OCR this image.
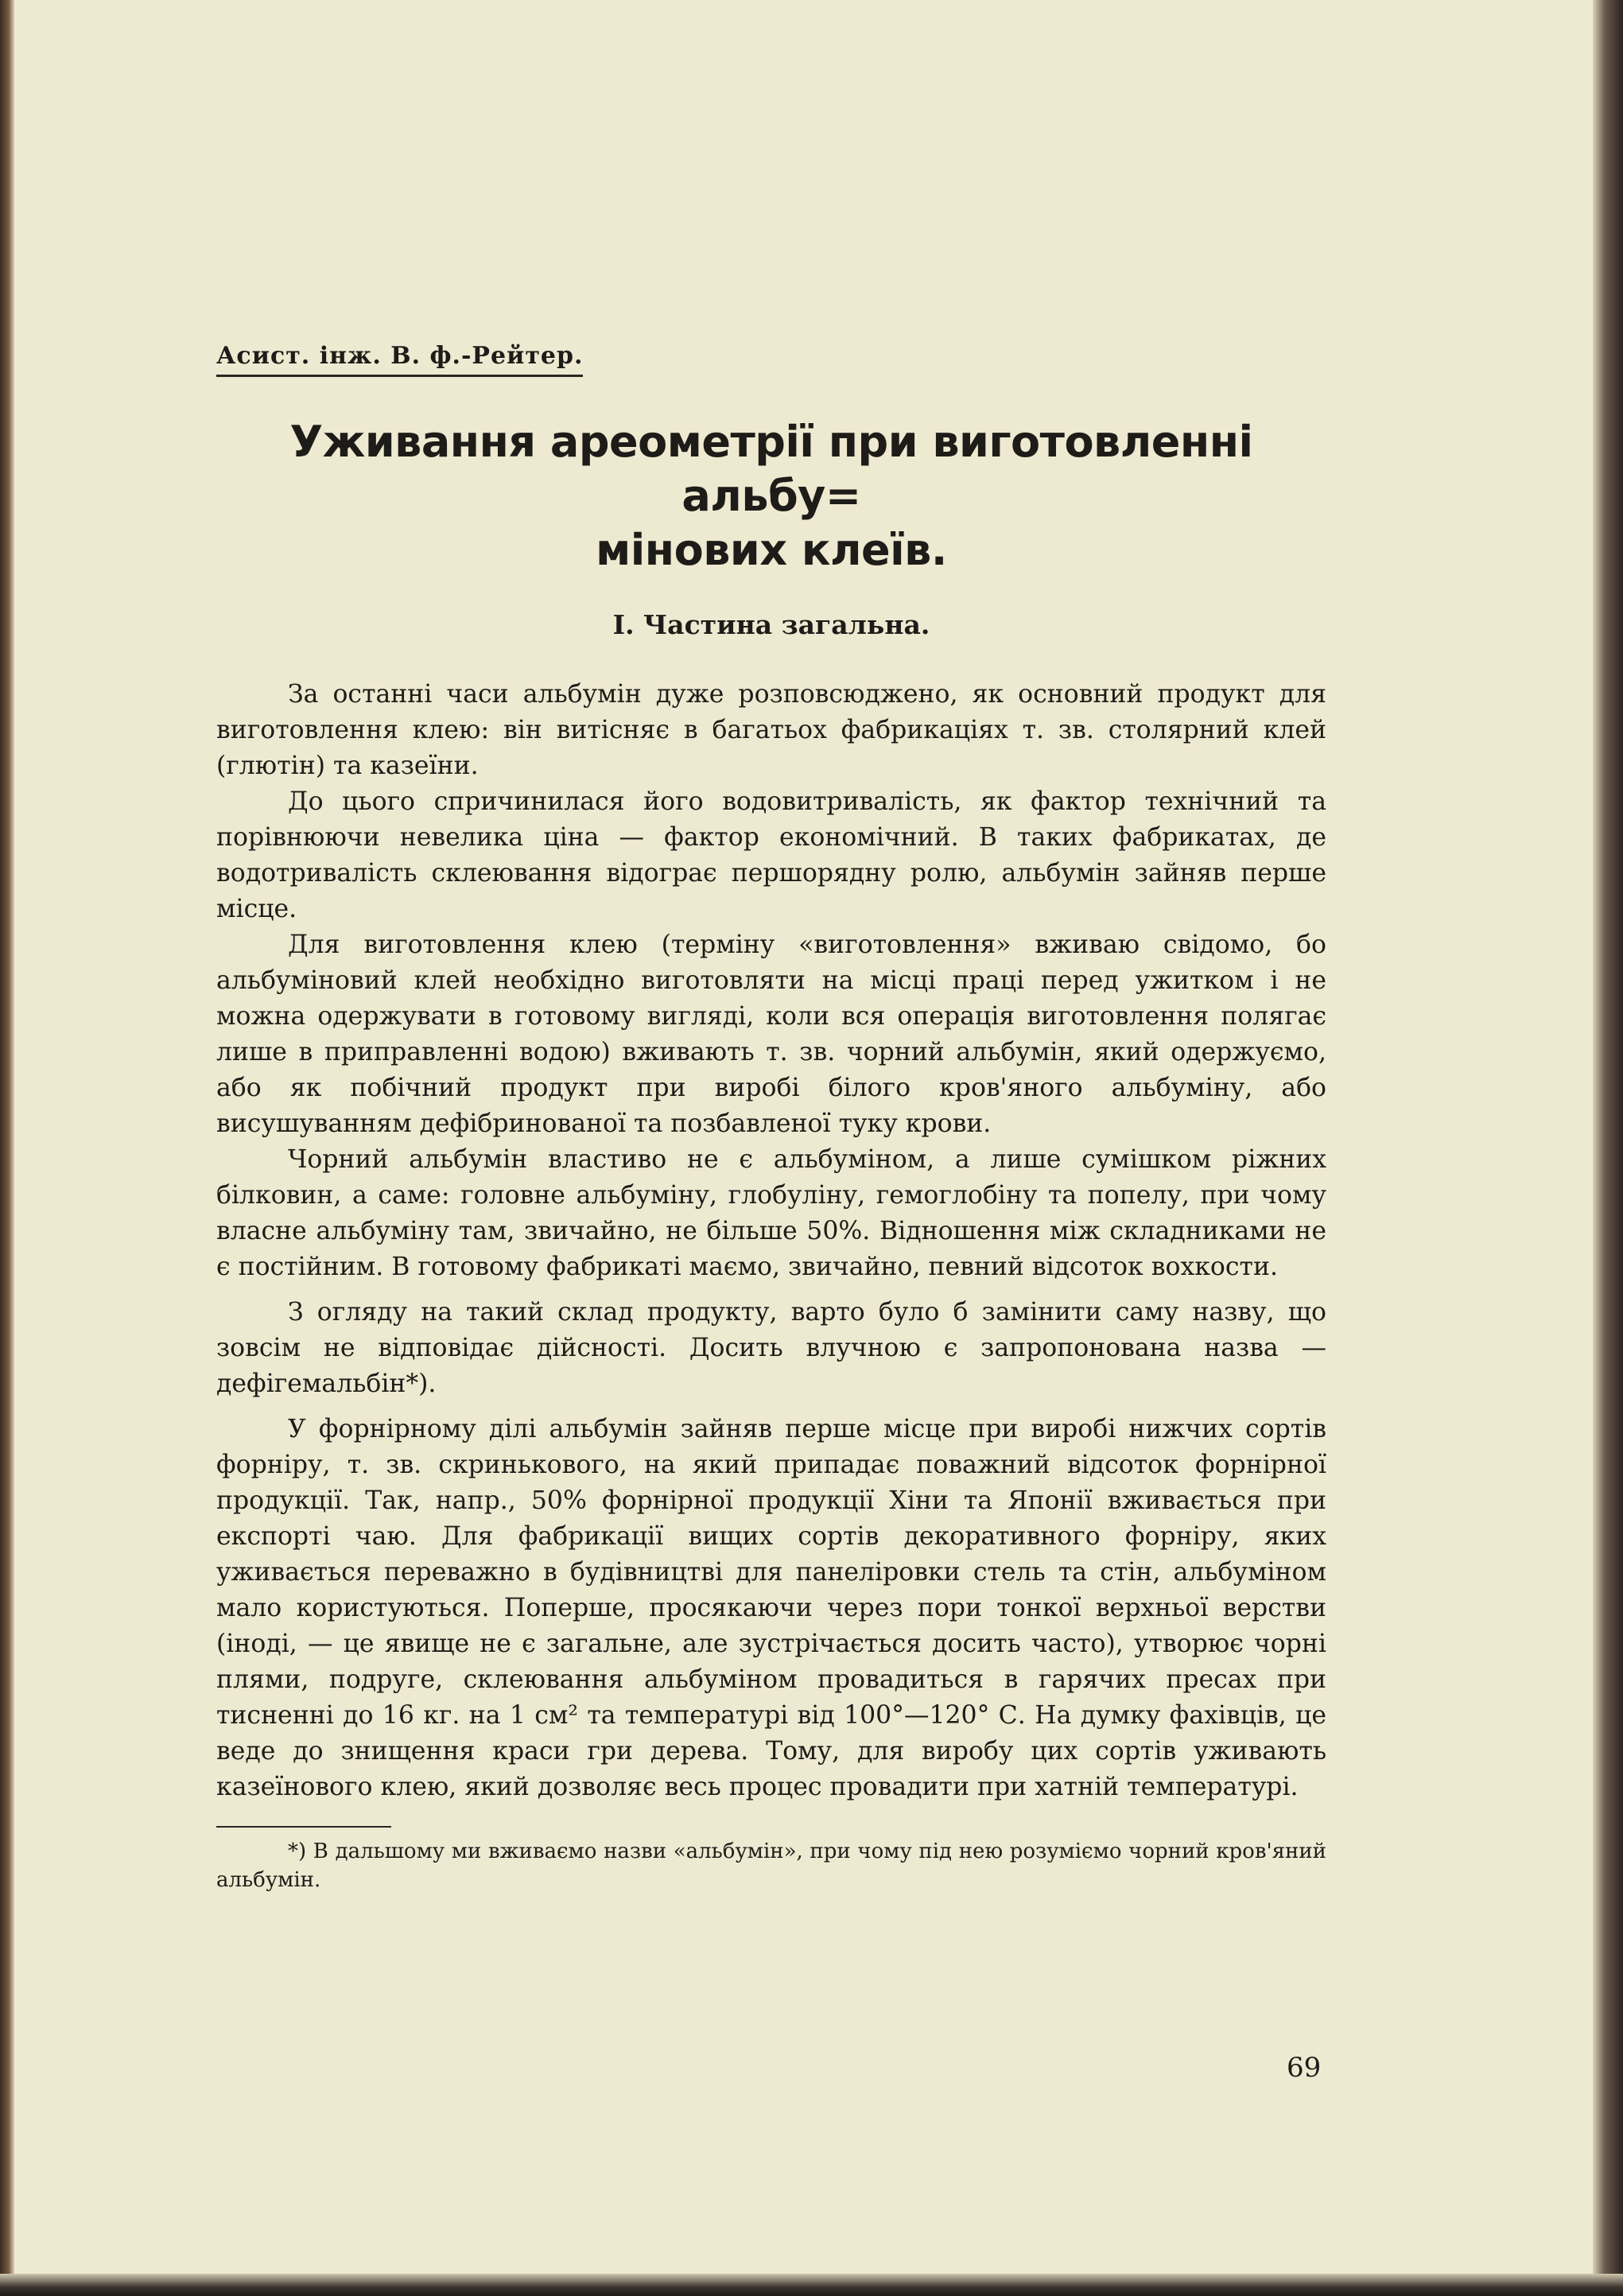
Асист. інж. В. ф.-Рейтер.
Уживання ареометрії при виготовленні альбу=
мінових клеїв.
I. Частина загальна.

За останні часи альбумін дуже розповсюджено, як основний продукт для виготовлення клею: він витісняє в багатьох фабрикаціях т. зв. столярний клей (глютін) та казеїни.

До цього спричинилася його водовитривалість, як фактор технічний та порівнюючи невелика ціна — фактор економічний. В таких фабрикатах, де водотривалість склеювання відограє першорядну ролю, альбумін зайняв перше місце.

Для виготовлення клею (терміну «виготовлення» вживаю свідомо, бо альбуміновий клей необхідно виготовляти на місці праці перед ужитком і не можна одержувати в готовому вигляді, коли вся операція виготовлення полягає лише в приправленні водою) вживають т. зв. чорний альбумін, який одержуємо, або як побічний продукт при виробі білого кров'яного альбуміну, або висушуванням дефібринованої та позбавленої туку крови.

Чорний альбумін властиво не є альбуміном, а лише сумішком ріжних білковин, а саме: головне альбуміну, глобуліну, гемоглобіну та попелу, при чому власне альбуміну там, звичайно, не більше 50%. Відношення між складниками не є постійним. В готовому фабрикаті маємо, звичайно, певний відсоток вохкости.

З огляду на такий склад продукту, варто було б замінити саму назву, що зовсім не відповідає дійсності. Досить влучною є запропонована назва — дефігемальбін*).

У форнірному ділі альбумін зайняв перше місце при виробі нижчих сортів форніру, т. зв. скринькового, на який припадає поважний відсоток форнірної продукції. Так, напр., 50% форнірної продукції Хіни та Японії вживається при експорті чаю. Для фабрикації вищих сортів декоративного форніру, яких уживається переважно в будівництві для панеліровки стель та стін, альбуміном мало користуються. Поперше, просякаючи через пори тонкої верхньої верстви (іноді, — це явище не є загальне, але зустрічається досить часто), утворює чорні плями, подруге, склеювання альбуміном провадиться в гарячих пресах при тисненні до 16 кг. на 1 см² та температурі від 100°—120° С. На думку фахівців, це веде до знищення краси гри дерева. Тому, для виробу цих сортів уживають казеїнового клею, який дозволяє весь процес провадити при хатній температурі.

*) В дальшому ми вживаємо назви «альбумін», при чому під нею розуміємо чорний кров'яний альбумін.

69
